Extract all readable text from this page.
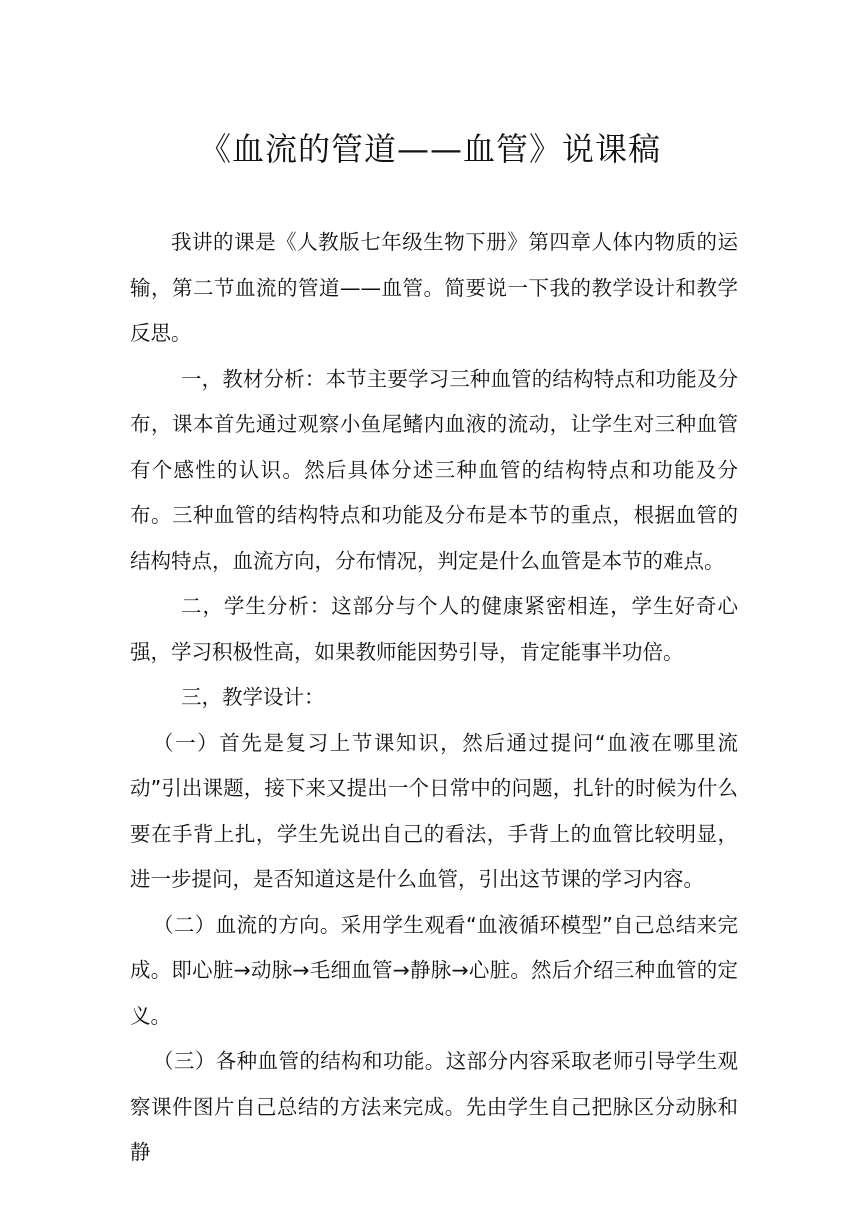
《血流的管道——血管》说课稿

我讲的课是《人教版七年级生物下册》第四章人体内物质的运输，第二节血流的管道——血管。简要说一下我的教学设计和教学反思。

一，教材分析：本节主要学习三种血管的结构特点和功能及分布，课本首先通过观察小鱼尾鳍内血液的流动，让学生对三种血管有个感性的认识。然后具体分述三种血管的结构特点和功能及分布。三种血管的结构特点和功能及分布是本节的重点，根据血管的结构特点，血流方向，分布情况，判定是什么血管是本节的难点。

二，学生分析：这部分与个人的健康紧密相连，学生好奇心强，学习积极性高，如果教师能因势引导，肯定能事半功倍。

三，教学设计：

（一）首先是复习上节课知识，然后通过提问“血液在哪里流动”引出课题，接下来又提出一个日常中的问题，扎针的时候为什么要在手背上扎，学生先说出自己的看法，手背上的血管比较明显，进一步提问，是否知道这是什么血管，引出这节课的学习内容。

（二）血流的方向。采用学生观看“血液循环模型”自己总结来完成。即心脏→动脉→毛细血管→静脉→心脏。然后介绍三种血管的定义。

（三）各种血管的结构和功能。这部分内容采取老师引导学生观察课件图片自己总结的方法来完成。先由学生自己把脉区分动脉和静
